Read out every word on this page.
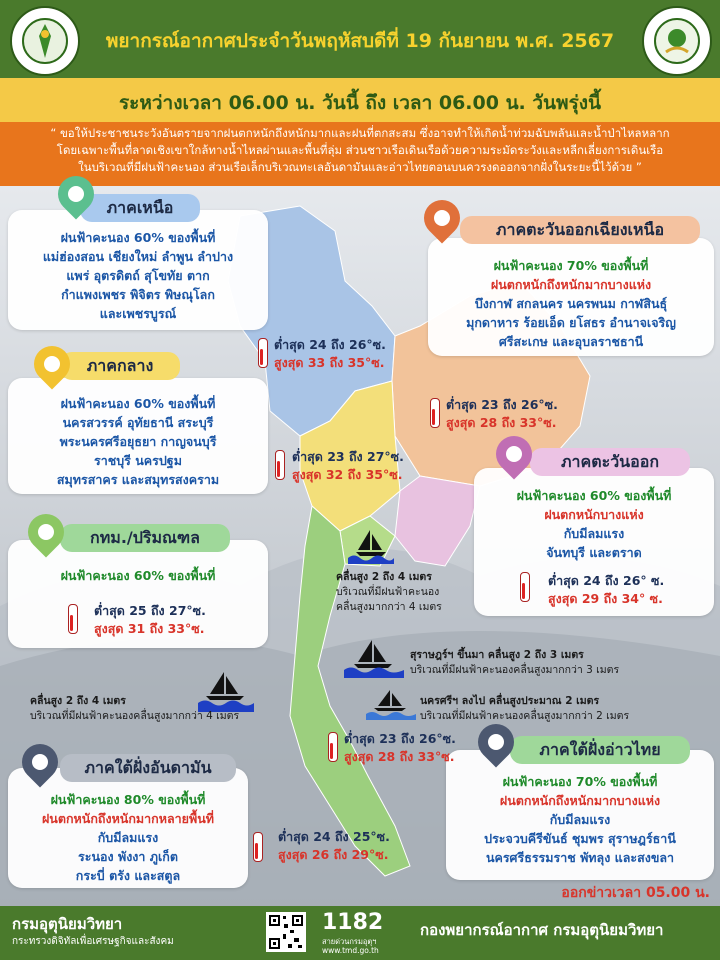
พยากรณ์อากาศประจำวันพฤหัสบดีที่ 19 กันยายน พ.ศ. 2567
ระหว่างเวลา 06.00 น. วันนี้ ถึง เวลา 06.00 น. วันพรุ่งนี้
“ ขอให้ประชาชนระวังอันตรายจากฝนตกหนักถึงหนักมากและฝนที่ตกสะสม ซึ่งอาจทำให้เกิดน้ำท่วมฉับพลันและน้ำป่าไหลหลาก
โดยเฉพาะพื้นที่ลาดเชิงเขาใกล้ทางน้ำไหลผ่านและพื้นที่ลุ่ม ส่วนชาวเรือเดินเรือด้วยความระมัดระวังและหลีกเลี่ยงการเดินเรือ
ในบริเวณที่มีฝนฟ้าคะนอง ส่วนเรือเล็กบริเวณทะเลอันดามันและอ่าวไทยตอนบนควรงดออกจากฝั่งในระยะนี้ไว้ด้วย ”
ฝนฟ้าคะนอง 60% ของพื้นที่
แม่ฮ่องสอน เชียงใหม่ ลำพูน ลำปาง
แพร่ อุตรดิตถ์ สุโขทัย ตาก
กำแพงเพชร พิจิตร พิษณุโลก
และเพชรบูรณ์
ภาคเหนือ
ต่ำสุด 24 ถึง 26°ซ.
สูงสุด 33 ถึง 35°ซ.
ฝนฟ้าคะนอง 70% ของพื้นที่
ฝนตกหนักถึงหนักมากบางแห่ง
บึงกาฬ สกลนคร นครพนม กาฬสินธุ์
มุกดาหาร ร้อยเอ็ด ยโสธร อำนาจเจริญ
ศรีสะเกษ และอุบลราชธานี
ภาคตะวันออกเฉียงเหนือ
ต่ำสุด 23 ถึง 26°ซ.
สูงสุด 28 ถึง 33°ซ.
ฝนฟ้าคะนอง 60% ของพื้นที่
นครสวรรค์ อุทัยธานี สระบุรี
พระนครศรีอยุธยา กาญจนบุรี
ราชบุรี นครปฐม
สมุทรสาคร และสมุทรสงคราม
ภาคกลาง
ต่ำสุด 23 ถึง 27°ซ.
สูงสุด 32 ถึง 35°ซ.
ฝนฟ้าคะนอง 60% ของพื้นที่
ฝนตกหนักบางแห่ง
กับมีลมแรง
จันทบุรี และตราด
ภาคตะวันออก
ต่ำสุด 24 ถึง 26° ซ.
สูงสุด 29 ถึง 34° ซ.
ฝนฟ้าคะนอง 60% ของพื้นที่
กทม./ปริมณฑล
ต่ำสุด 25 ถึง 27°ซ.
สูงสุด 31 ถึง 33°ซ.
คลื่นสูง 2 ถึง 4 เมตร
บริเวณที่มีฝนฟ้าคะนอง
คลื่นสูงมากกว่า 4 เมตร
สุราษฎร์ฯ ขึ้นมา คลื่นสูง 2 ถึง 3 เมตร
บริเวณที่มีฝนฟ้าคะนองคลื่นสูงมากกว่า 3 เมตร
นครศรีฯ ลงไป คลื่นสูงประมาณ 2 เมตร
บริเวณที่มีฝนฟ้าคะนองคลื่นสูงมากกว่า 2 เมตร
คลื่นสูง 2 ถึง 4 เมตร
บริเวณที่มีฝนฟ้าคะนองคลื่นสูงมากกว่า 4 เมตร
ฝนฟ้าคะนอง 70% ของพื้นที่
ฝนตกหนักถึงหนักมากบางแห่ง
กับมีลมแรง
ประจวบคีรีขันธ์ ชุมพร สุราษฎร์ธานี
นครศรีธรรมราช พัทลุง และสงขลา
ภาคใต้ฝั่งอ่าวไทย
ต่ำสุด 23 ถึง 26°ซ.
สูงสุด 28 ถึง 33°ซ.
ฝนฟ้าคะนอง 80% ของพื้นที่
ฝนตกหนักถึงหนักมากหลายพื้นที่
กับมีลมแรง
ระนอง พังงา ภูเก็ต
กระบี่ ตรัง และสตูล
ภาคใต้ฝั่งอันดามัน
ต่ำสุด 24 ถึง 25°ซ.
สูงสุด 26 ถึง 29°ซ.
ออกข่าวเวลา 05.00 น.
กรมอุตุนิยมวิทยา
กระทรวงดิจิทัลเพื่อเศรษฐกิจและสังคม
1182
สายด่วนกรมอุตุฯ
www.tmd.go.th
กองพยากรณ์อากาศ กรมอุตุนิยมวิทยา
